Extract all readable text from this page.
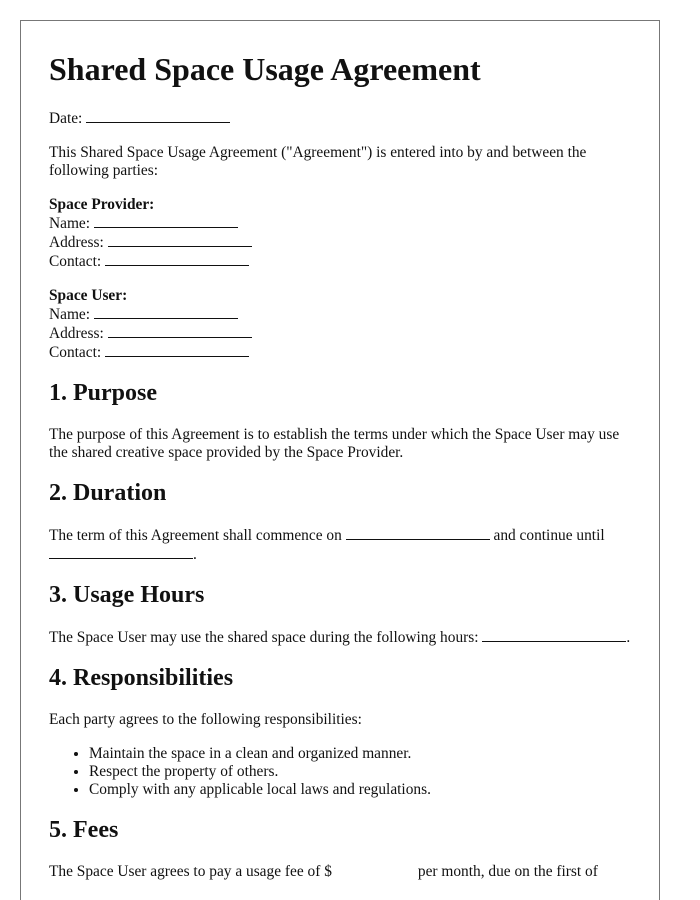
Shared Space Usage Agreement

Date:

This Shared Space Usage Agreement ("Agreement") is entered into by and between the following parties:

Space Provider:
Name:
Address:
Contact:
Space User:
Name:
Address:
Contact:
1. Purpose

The purpose of this Agreement is to establish the terms under which the Space User may use the shared creative space provided by the Space Provider.

2. Duration

The term of this Agreement shall commence on	and continue until .

3. Usage Hours

The Space User may use the shared space during the following hours:	.

4. Responsibilities

Each party agrees to the following responsibilities:

• Maintain the space in a clean and organized manner.
• Respect the property of others.
• Comply with any applicable local laws and regulations.
5. Fees

The Space User agrees to pay a usage fee of $	per month, due on the first of
